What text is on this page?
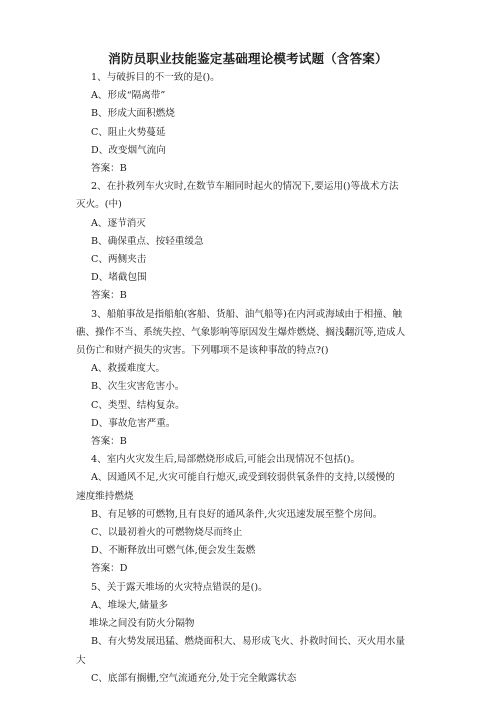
消防员职业技能鉴定基础理论模考试题（含答案）
1、与破拆目的不一致的是()。
A、形成“隔离带”
B、形成大面积燃烧
C、阻止火势蔓延
D、改变烟气流向
答案：B
2、在扑救列车火灾时,在数节车厢同时起火的情况下,要运用()等战术方法
灭火。(中)
A、逐节消灭
B、确保重点、按轻重缓急
C、两侧夹击
D、堵截包围
答案：B
3、船舶事故是指船舶(客船、货船、油气船等)在内河或海域由于相撞、触
礁、操作不当、系统失控、气象影响等原因发生爆炸燃烧、搁浅翻沉等,造成人
员伤亡和财产损失的灾害。下列哪项不是该种事故的特点?()
A、救援难度大。
B、次生灾害危害小。
C、类型、结构复杂。
D、事故危害严重。
答案：B
4、室内火灾发生后,局部燃烧形成后,可能会出现情况不包括()。
A、因通风不足,火灾可能自行熄灭,或受到较弱供氧条件的支持,以缓慢的
速度维持燃烧
B、有足够的可燃物,且有良好的通风条件,火灾迅速发展至整个房间。
C、以最初着火的可燃物烧尽而终止
D、不断释放出可燃气体,便会发生轰燃
答案：D
5、关于露天堆场的火灾特点错误的是()。
A、堆垛大,储量多
堆垛之间没有防火分隔物
B、有火势发展迅猛、燃烧面积大、易形成飞火、扑救时间长、灭火用水量
大
C、底部有搁栅,空气流通充分,处于完全敞露状态
